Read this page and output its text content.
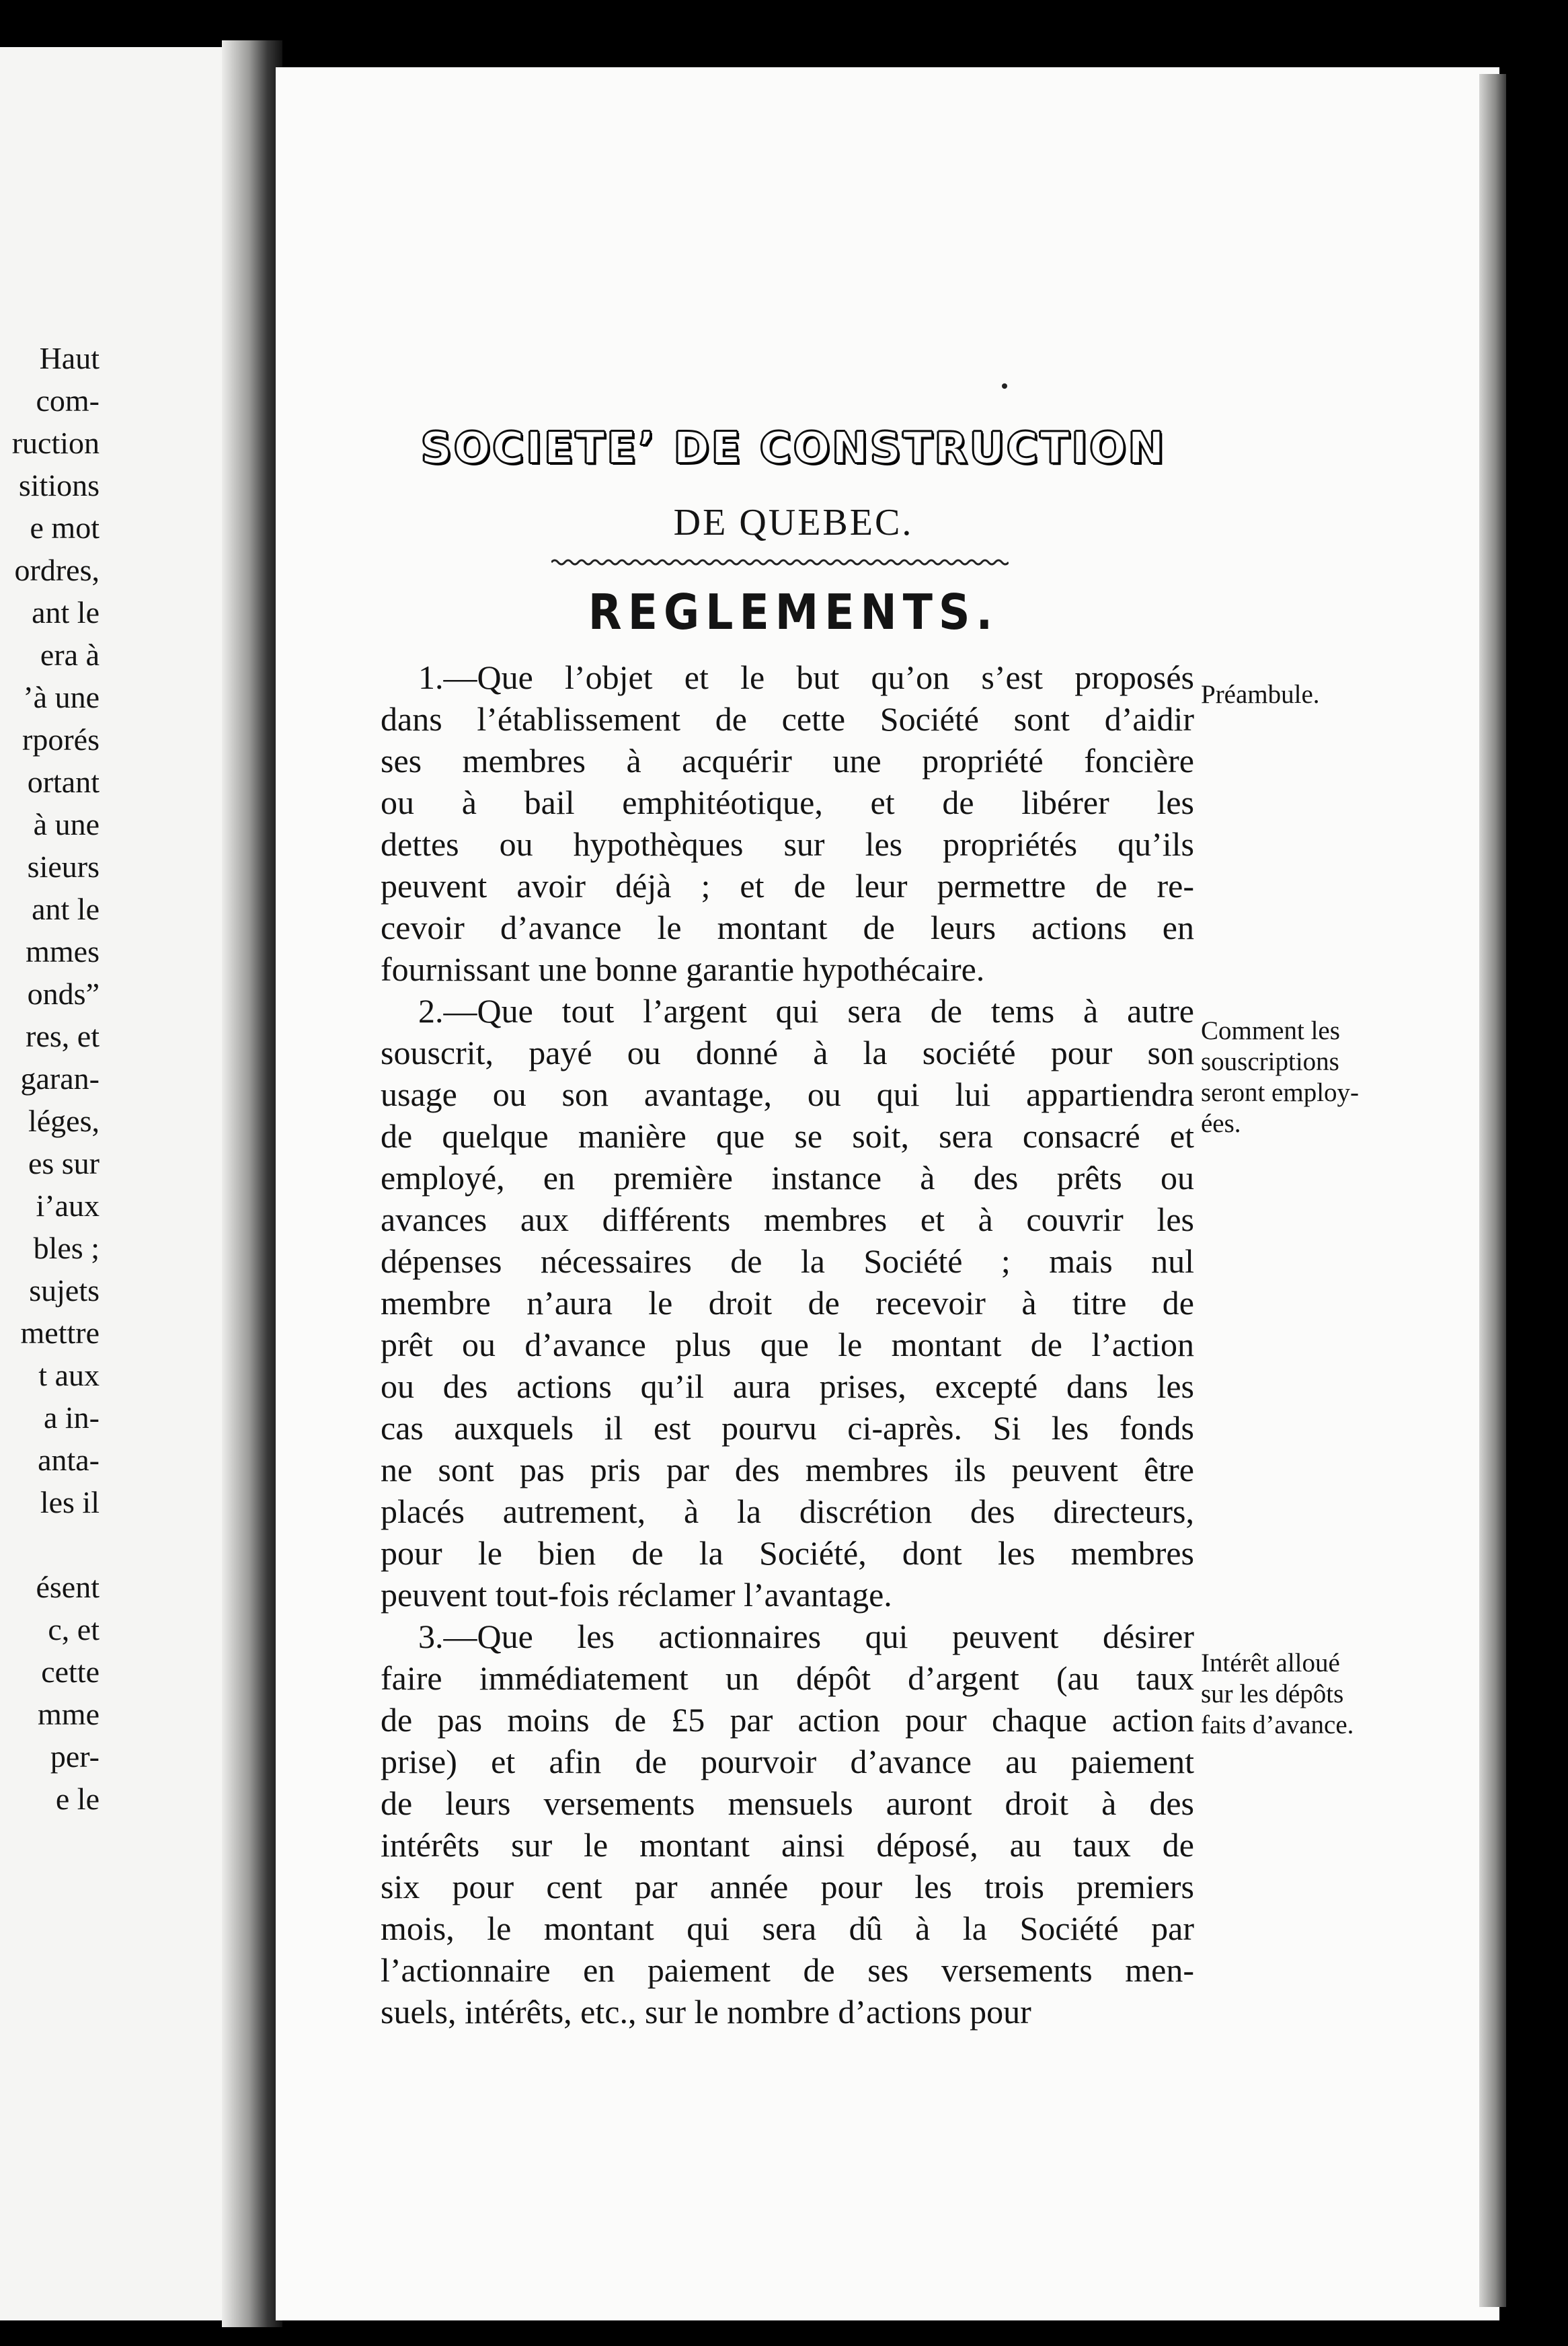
Haut
com-
ruction
sitions
e mot
ordres,
ant le
era à
’à une
rporés
ortant
à une
sieurs
ant le
mmes
onds”
res, et
garan-
léges,
es sur
i’aux
bles ;
sujets
mettre
t aux
a in-
anta-
les il
ésent
c, et
cette
mme
per-
e le
SOCIETE’ DE CONSTRUCTION
DE QUEBEC.
REGLEMENTS.
1.—Que l’objet et le but qu’on s’est proposés
dans l’établissement de cette Société sont d’aidir
ses membres à acquérir une propriété foncière
ou à bail emphitéotique, et de libérer les
dettes ou hypothèques sur les propriétés qu’ils
peuvent avoir déjà ; et de leur permettre de re-
cevoir d’avance le montant de leurs actions en
fournissant une bonne garantie hypothécaire.
2.—Que tout l’argent qui sera de tems à autre
souscrit, payé ou donné à la société pour son
usage ou son avantage, ou qui lui appartiendra
de quelque manière que se soit, sera consacré et
employé, en première instance à des prêts ou
avances aux différents membres et à couvrir les
dépenses nécessaires de la Société ; mais nul
membre n’aura le droit de recevoir à titre de
prêt ou d’avance plus que le montant de l’action
ou des actions qu’il aura prises, excepté dans les
cas auxquels il est pourvu ci-après. Si les fonds
ne sont pas pris par des membres ils peuvent être
placés autrement, à la discrétion des directeurs,
pour le bien de la Société, dont les membres
peuvent tout-fois réclamer l’avantage.
3.—Que les actionnaires qui peuvent désirer
faire immédiatement un dépôt d’argent (au taux
de pas moins de £5 par action pour chaque action
prise) et afin de pourvoir d’avance au paiement
de leurs versements mensuels auront droit à des
intérêts sur le montant ainsi déposé, au taux de
six pour cent par année pour les trois premiers
mois, le montant qui sera dû à la Société par
l’actionnaire en paiement de ses versements men-
suels, intérêts, etc., sur le nombre d’actions pour
Préambule.
Comment les
souscriptions
seront employ-
ées.
Intérêt alloué
sur les dépôts
faits d’avance.
